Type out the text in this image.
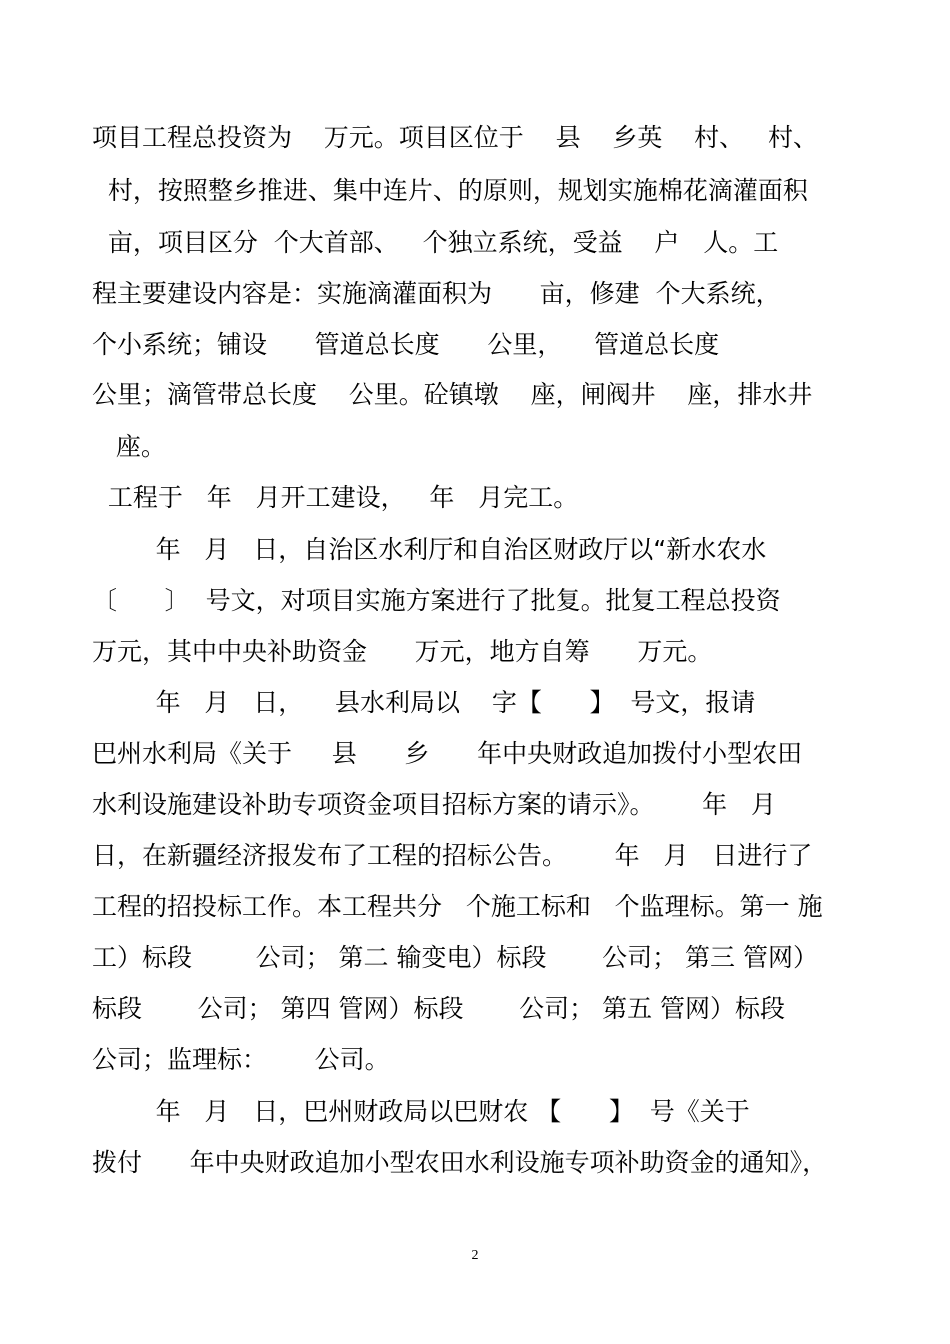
项目工程总投资为    万元。项目区位于    县    乡英    村、   村、
村，按照整乡推进、集中连片、的原则，规划实施棉花滴灌面积
亩，项目区分  个大首部、   个独立系统，受益    户   人。工
程主要建设内容是：实施滴灌面积为      亩，修建  个大系统，
个小系统；铺设      管道总长度      公里，    管道总长度
公里；滴管带总长度    公里。砼镇墩    座，闸阀井    座，排水井
座。
工程于   年   月开工建设，   年   月完工。
年   月   日，自治区水利厅和自治区财政厅以“新水农水
〔      〕  号文，对项目实施方案进行了批复。批复工程总投资
万元，其中中央补助资金      万元，地方自筹      万元。
年   月   日，    县水利局以    字【      】  号文，报请
巴州水利局《关于     县      乡      年中央财政追加拨付小型农田
水利设施建设补助专项资金项目招标方案的请示》。      年   月
日，在新疆经济报发布了工程的招标公告。      年   月   日进行了
工程的招投标工作。本工程共分   个施工标和   个监理标。第一 施
工）标段        公司； 第二 输变电）标段       公司； 第三 管网）
标段       公司； 第四 管网）标段       公司； 第五 管网）标段
公司；监理标：      公司。
年   月   日，巴州财政局以巴财农 【      】  号《关于
拨付      年中央财政追加小型农田水利设施专项补助资金的通知》，
2
